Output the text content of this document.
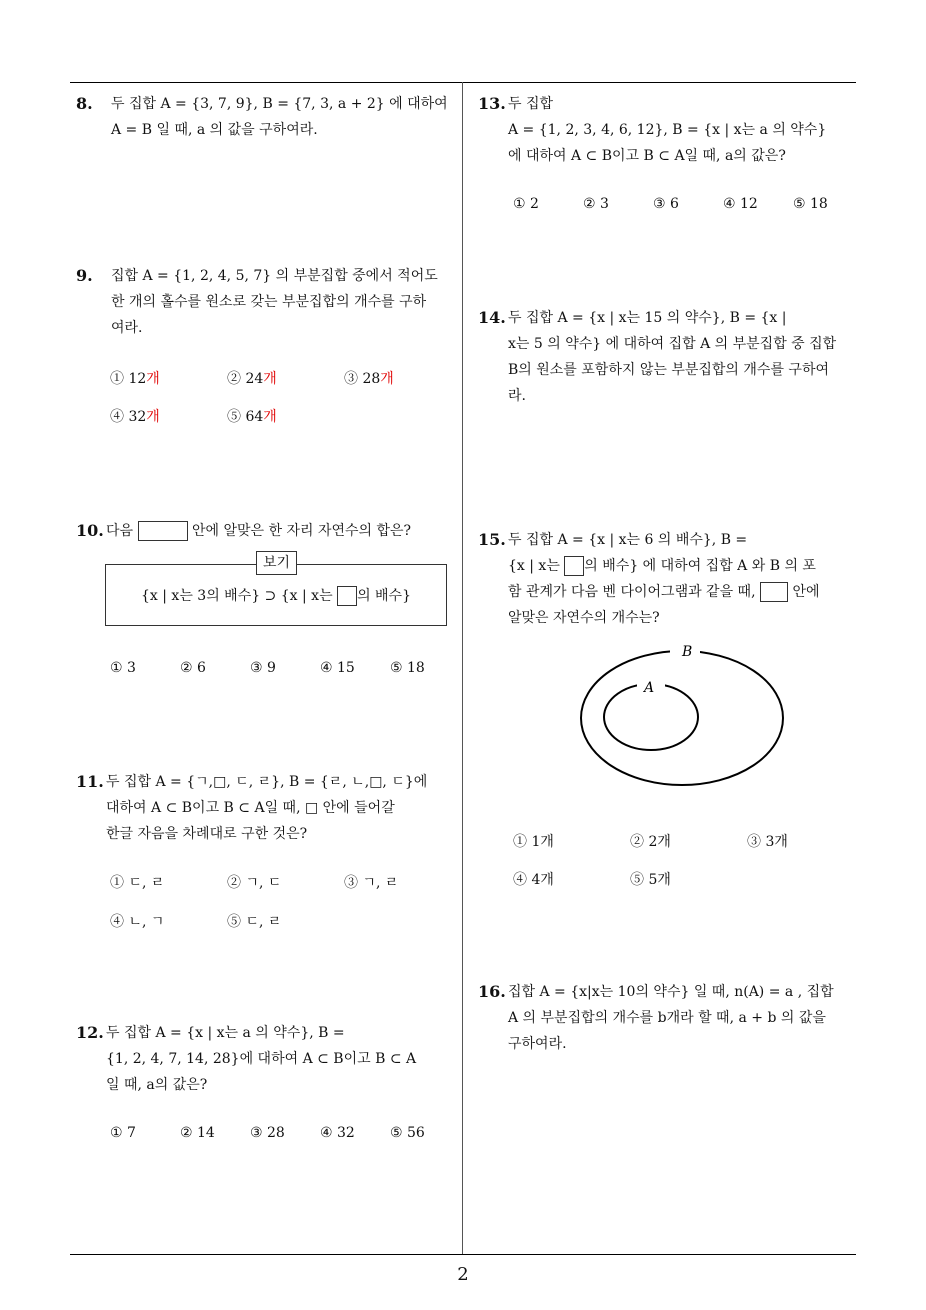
8. 두 집합 A = {3, 7, 9}, B = {7, 3, a + 2} 에 대하여

A = B 일 때, a 의 값을 구하여라.

9. 집합 A = {1, 2, 4, 5, 7} 의 부분집합 중에서 적어도

한 개의 홀수를 원소로 갖는 부분집합의 개수를 구하

여라.

① 12개	② 24개	③ 28개
④ 32개	⑤ 64개
10. 다음	안에 알맞은 한 자리 자연수의 합은?

보기
{x | x는 3의 배수} ⊃ {x | x는 의 배수}
① 3	② 6	③ 9	④ 15	⑤ 18
11. 두 집합 A = {ㄱ,□, ㄷ, ㄹ}, B = {ㄹ, ㄴ,□, ㄷ}에

대하여 A ⊂ B이고 B ⊂ A일 때, □ 안에 들어갈

한글 자음을 차례대로 구한 것은?

① ㄷ, ㄹ	② ㄱ, ㄷ	③ ㄱ, ㄹ
④ ㄴ, ㄱ	⑤ ㄷ, ㄹ
12. 두 집합 A = {x | x는 a 의 약수}, B =

{1, 2, 4, 7, 14, 28}에 대하여 A ⊂ B이고 B ⊂ A

일 때, a의 값은?

① 7	② 14	③ 28	④ 32	⑤ 56
13. 두 집합

A = {1, 2, 3, 4, 6, 12}, B = {x | x는 a 의 약수}

에 대하여 A ⊂ B이고 B ⊂ A일 때, a의 값은?

① 2	② 3	③ 6	④ 12	⑤ 18
14. 두 집합 A = {x | x는 15 의 약수}, B = {x |

x는 5 의 약수} 에 대하여 집합 A 의 부분집합 중 집합

B의 원소를 포함하지 않는 부분집합의 개수를 구하여

라.

15. 두 집합 A = {x | x는 6 의 배수}, B =

{x | x는 의 배수} 에 대하여 집합 A 와 B 의 포

함 관계가 다음 벤 다이어그램과 같을 때,	안에

알맞은 자연수의 개수는?

B
A
① 1개	② 2개	③ 3개
④ 4개	⑤ 5개
16. 집합 A = {x|x는 10의 약수} 일 때, n(A) = a , 집합

A 의 부분집합의 개수를 b개라 할 때, a + b 의 값을

구하여라.

2
